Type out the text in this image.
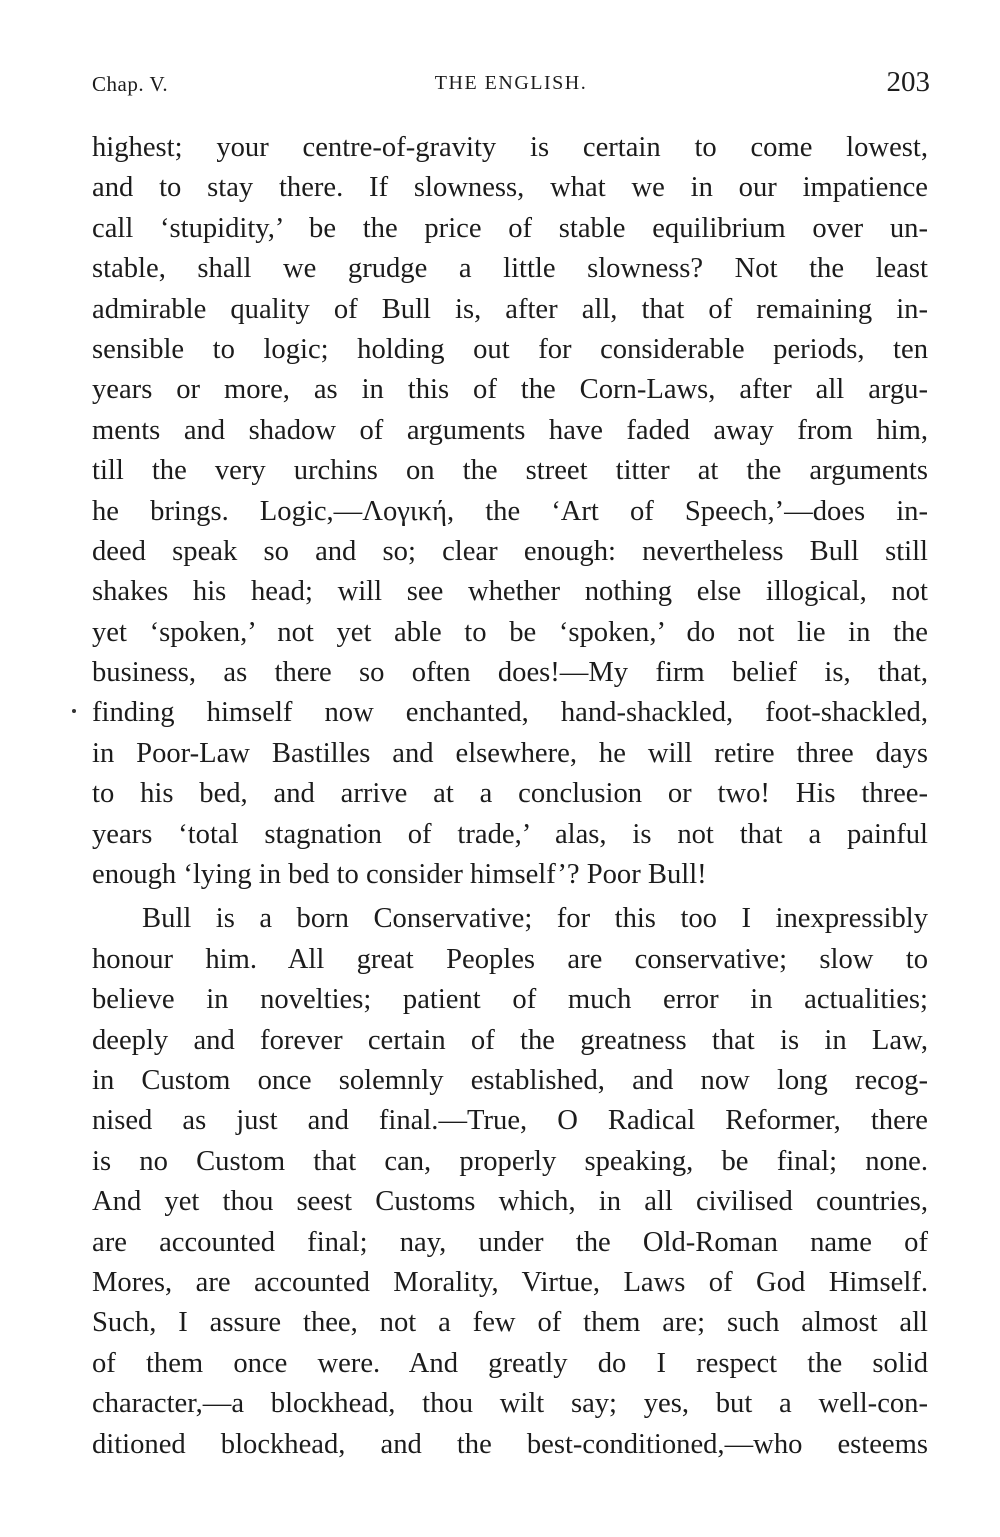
Chap. V.	THE ENGLISH.	203
highest; your centre-of-gravity is certain to come lowest,
and to stay there. If slowness, what we in our impatience
call ‘stupidity,’ be the price of stable equilibrium over un-
stable, shall we grudge a little slowness? Not the least
admirable quality of Bull is, after all, that of remaining in-
sensible to logic; holding out for considerable periods, ten
years or more, as in this of the Corn-Laws, after all argu-
ments and shadow of arguments have faded away from him,
till the very urchins on the street titter at the arguments
he brings. Logic,—Λογική, the ‘Art of Speech,’—does in-
deed speak so and so; clear enough: nevertheless Bull still
shakes his head; will see whether nothing else illogical, not
yet ‘spoken,’ not yet able to be ‘spoken,’ do not lie in the
business, as there so often does!—My firm belief is, that,
finding himself now enchanted, hand-shackled, foot-shackled,
in Poor-Law Bastilles and elsewhere, he will retire three days
to his bed, and arrive at a conclusion or two! His three-
years ‘total stagnation of trade,’ alas, is not that a painful
enough ‘lying in bed to consider himself’? Poor Bull!
Bull is a born Conservative; for this too I inexpressibly
honour him. All great Peoples are conservative; slow to
believe in novelties; patient of much error in actualities;
deeply and forever certain of the greatness that is in Law,
in Custom once solemnly established, and now long recog-
nised as just and final.—True, O Radical Reformer, there
is no Custom that can, properly speaking, be final; none.
And yet thou seest Customs which, in all civilised countries,
are accounted final; nay, under the Old-Roman name of
Mores, are accounted Morality, Virtue, Laws of God Himself.
Such, I assure thee, not a few of them are; such almost all
of them once were. And greatly do I respect the solid
character,—a blockhead, thou wilt say; yes, but a well-con-
ditioned blockhead, and the best-conditioned,—who esteems
